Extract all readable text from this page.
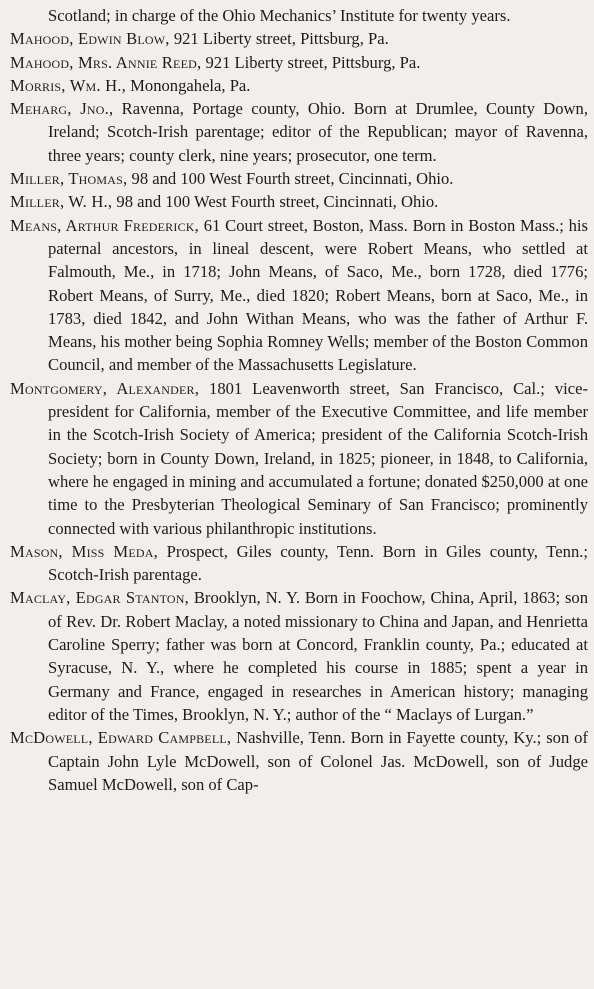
Scotland; in charge of the Ohio Mechanics’ Institute for twenty years.

Mahood, Edwin Blow, 921 Liberty street, Pittsburg, Pa.

Mahood, Mrs. Annie Reed, 921 Liberty street, Pittsburg, Pa.

Morris, Wm. H., Monongahela, Pa.

Meharg, Jno., Ravenna, Portage county, Ohio. Born at Drumlee, County Down, Ireland; Scotch-Irish parentage; editor of the Republican; mayor of Ravenna, three years; county clerk, nine years; prosecutor, one term.

Miller, Thomas, 98 and 100 West Fourth street, Cincinnati, Ohio.

Miller, W. H., 98 and 100 West Fourth street, Cincinnati, Ohio.

Means, Arthur Frederick, 61 Court street, Boston, Mass. Born in Boston Mass.; his paternal ancestors, in lineal descent, were Robert Means, who settled at Falmouth, Me., in 1718; John Means, of Saco, Me., born 1728, died 1776; Robert Means, of Surry, Me., died 1820; Robert Means, born at Saco, Me., in 1783, died 1842, and John Withan Means, who was the father of Arthur F. Means, his mother being Sophia Romney Wells; member of the Boston Common Council, and member of the Massachusetts Legislature.

Montgomery, Alexander, 1801 Leavenworth street, San Francisco, Cal.; vice-president for California, member of the Executive Committee, and life member in the Scotch-Irish Society of America; president of the California Scotch-Irish Society; born in County Down, Ireland, in 1825; pioneer, in 1848, to California, where he engaged in mining and accumulated a fortune; donated $250,000 at one time to the Presbyterian Theological Seminary of San Francisco; prominently connected with various philanthropic institutions.

Mason, Miss Meda, Prospect, Giles county, Tenn. Born in Giles county, Tenn.; Scotch-Irish parentage.

Maclay, Edgar Stanton, Brooklyn, N. Y. Born in Foochow, China, April, 1863; son of Rev. Dr. Robert Maclay, a noted missionary to China and Japan, and Henrietta Caroline Sperry; father was born at Concord, Franklin county, Pa.; educated at Syracuse, N. Y., where he completed his course in 1885; spent a year in Germany and France, engaged in researches in American history; managing editor of the Times, Brooklyn, N. Y.; author of the “ Maclays of Lurgan.”

McDowell, Edward Campbell, Nashville, Tenn. Born in Fayette county, Ky.; son of Captain John Lyle McDowell, son of Colonel Jas. McDowell, son of Judge Samuel McDowell, son of Cap-
